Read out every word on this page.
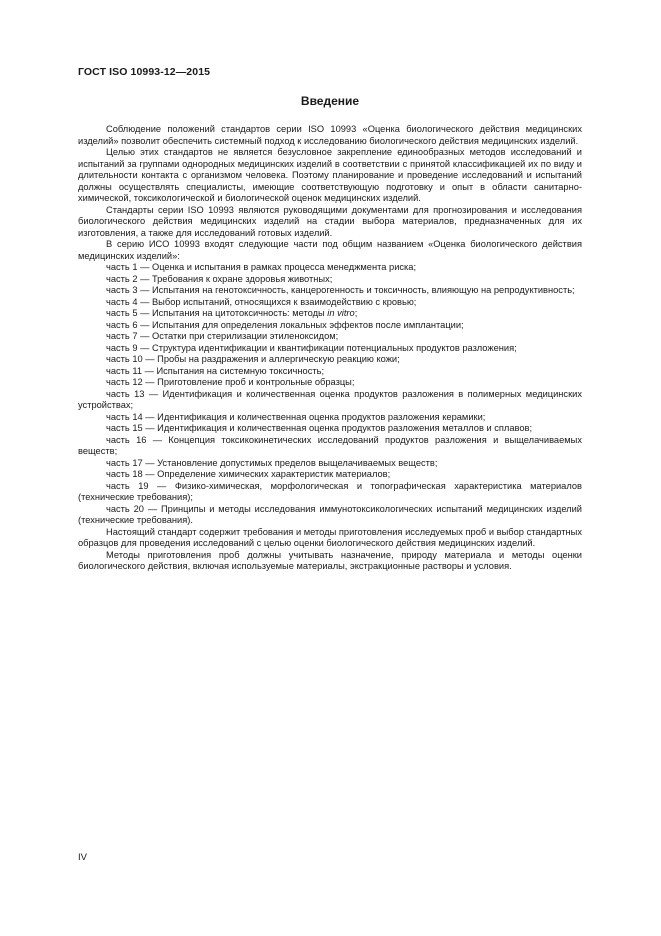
ГОСТ ISO 10993-12—2015
Введение

Соблюдение положений стандартов серии ISO 10993 «Оценка биологического действия медицинских изделий» позволит обеспечить системный подход к исследованию биологического действия медицинских изделий.

Целью этих стандартов не является безусловное закрепление единообразных методов исследований и испытаний за группами однородных медицинских изделий в соответствии с принятой классификацией их по виду и длительности контакта с организмом человека. Поэтому планирование и проведение исследований и испытаний должны осуществлять специалисты, имеющие соответствующую подготовку и опыт в области санитарно-химической, токсикологической и биологической оценок медицинских изделий.

Стандарты серии ISO 10993 являются руководящими документами для прогнозирования и исследования биологического действия медицинских изделий на стадии выбора материалов, предназначенных для их изготовления, а также для исследований готовых изделий.

В серию ИСО 10993 входят следующие части под общим названием «Оценка биологического действия медицинских изделий»:

часть 1 — Оценка и испытания в рамках процесса менеджмента риска;

часть 2 — Требования к охране здоровья животных;

часть 3 — Испытания на генотоксичность, канцерогенность и токсичность, влияющую на репродуктивность;

часть 4 — Выбор испытаний, относящихся к взаимодействию с кровью;

часть 5 — Испытания на цитотоксичность: методы in vitro;

часть 6 — Испытания для определения локальных эффектов после имплантации;

часть 7 — Остатки при стерилизации этиленоксидом;

часть 9 — Структура идентификации и квантификации потенциальных продуктов разложения;

часть 10 — Пробы на раздражения и аллергическую реакцию кожи;

часть 11 — Испытания на системную токсичность;

часть 12 — Приготовление проб и контрольные образцы;

часть 13 — Идентификация и количественная оценка продуктов разложения в полимерных медицинских устройствах;

часть 14 — Идентификация и количественная оценка продуктов разложения керамики;

часть 15 — Идентификация и количественная оценка продуктов разложения металлов и сплавов;

часть 16 — Концепция токсикокинетических исследований продуктов разложения и выщелачиваемых веществ;

часть 17 — Установление допустимых пределов выщелачиваемых веществ;

часть 18 — Определение химических характеристик материалов;

часть 19 — Физико-химическая, морфологическая и топографическая характеристика материалов (технические требования);

часть 20 — Принципы и методы исследования иммунотоксикологических испытаний медицинских изделий (технические требования).

Настоящий стандарт содержит требования и методы приготовления исследуемых проб и выбор стандартных образцов для проведения исследований с целью оценки биологического действия медицинских изделий.

Методы приготовления проб должны учитывать назначение, природу материала и методы оценки биологического действия, включая используемые материалы, экстракционные растворы и условия.

IV
